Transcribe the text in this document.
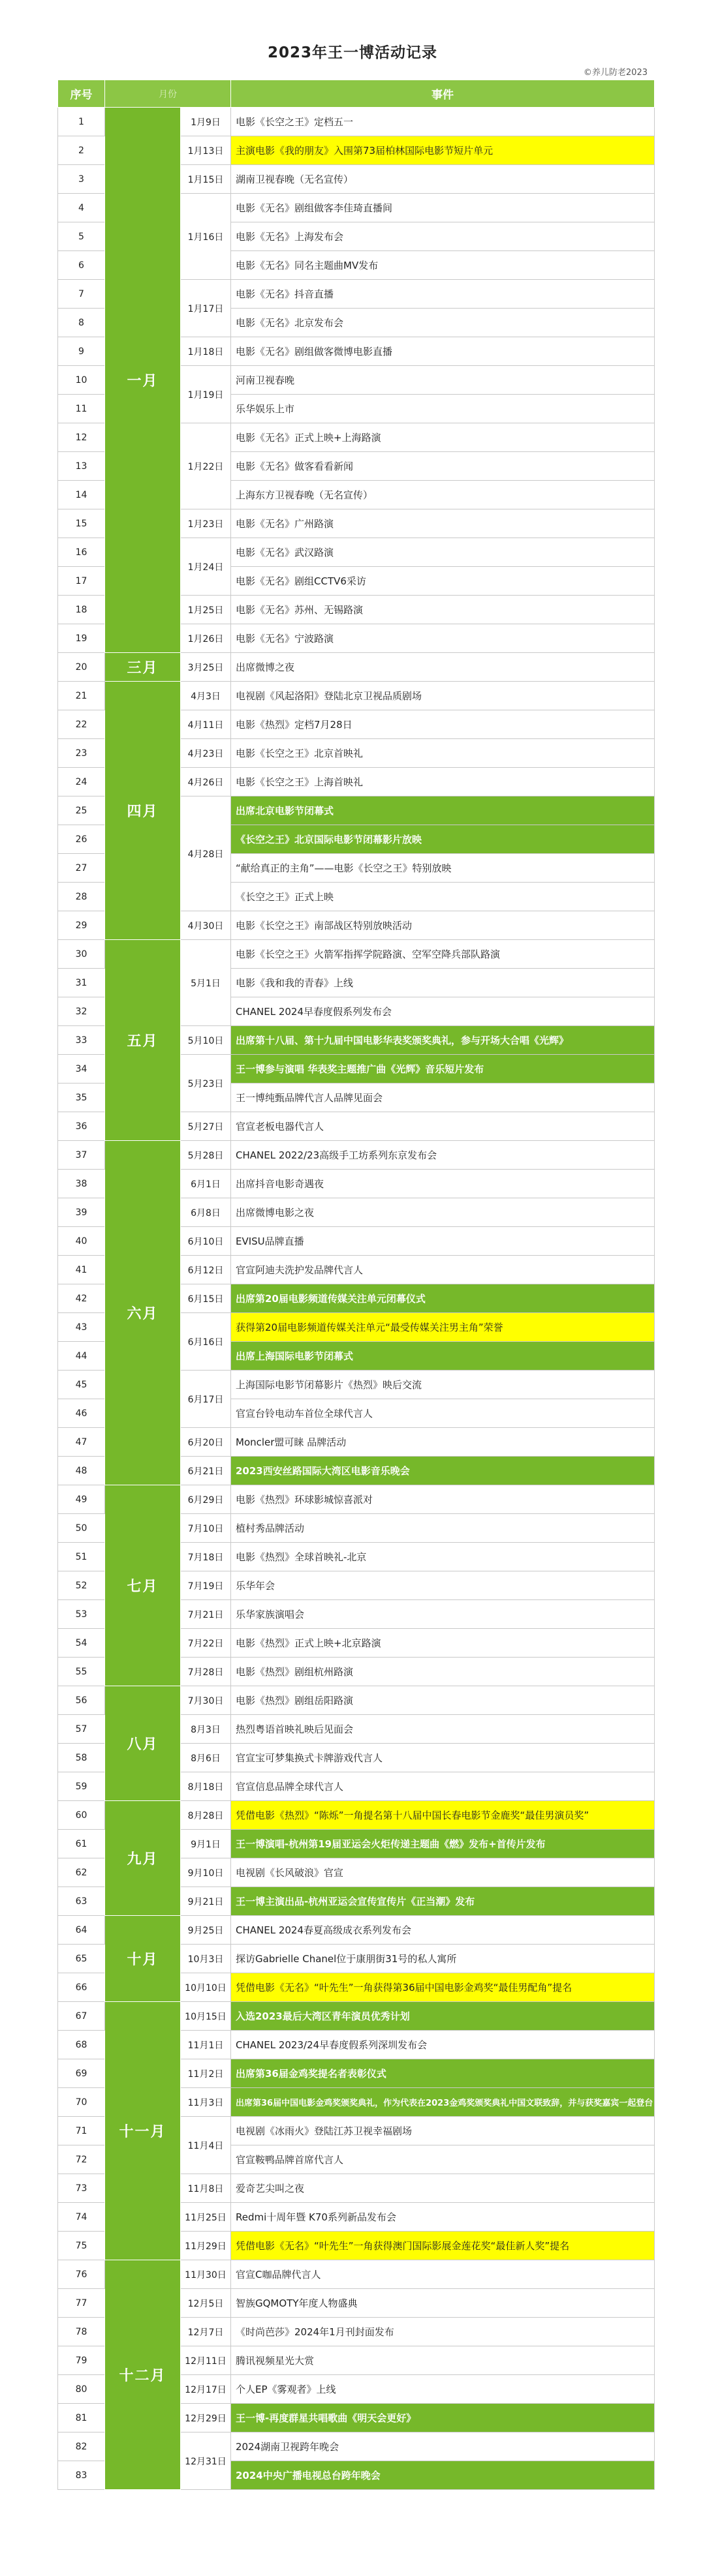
2023年王一博活动记录
©养儿防老2023
序号	月份		事件
1	一月	1月9日	电影《长空之王》定档五一
2		1月13日	主演电影《我的朋友》入围第73届柏林国际电影节短片单元
3		1月15日	湖南卫视春晚（无名宣传）
4		1月16日	电影《无名》剧组做客李佳琦直播间
5			电影《无名》上海发布会
6			电影《无名》同名主题曲MV发布
7		1月17日	电影《无名》抖音直播
8			电影《无名》北京发布会
9		1月18日	电影《无名》剧组做客微博电影直播
10		1月19日	河南卫视春晚
11			乐华娱乐上市
12		1月22日	电影《无名》正式上映+上海路演
13			电影《无名》做客看看新闻
14			上海东方卫视春晚（无名宣传）
15		1月23日	电影《无名》广州路演
16		1月24日	电影《无名》武汉路演
17			电影《无名》剧组CCTV6采访
18		1月25日	电影《无名》苏州、无锡路演
19		1月26日	电影《无名》宁波路演
20	三月	3月25日	出席微博之夜
21	四月	4月3日	电视剧《风起洛阳》登陆北京卫视品质剧场
22		4月11日	电影《热烈》定档7月28日
23		4月23日	电影《长空之王》北京首映礼
24		4月26日	电影《长空之王》上海首映礼
25		4月28日	出席北京电影节闭幕式
26			《长空之王》北京国际电影节闭幕影片放映
27			“献给真正的主角”——电影《长空之王》特别放映
28			《长空之王》正式上映
29		4月30日	电影《长空之王》南部战区特别放映活动
30	五月	5月1日	电影《长空之王》火箭军指挥学院路演、空军空降兵部队路演
31			电影《我和我的青春》上线
32			CHANEL 2024早春度假系列发布会
33		5月10日	出席第十八届、第十九届中国电影华表奖颁奖典礼，参与开场大合唱《光辉》
34		5月23日	王一博参与演唱 华表奖主题推广曲《光辉》音乐短片发布
35			王一博纯甄品牌代言人品牌见面会
36		5月27日	官宣老板电器代言人
37	六月	5月28日	CHANEL 2022/23高级手工坊系列东京发布会
38		6月1日	出席抖音电影奇遇夜
39		6月8日	出席微博电影之夜
40		6月10日	EVISU品牌直播
41		6月12日	官宣阿迪夫洗护发品牌代言人
42		6月15日	出席第20届电影频道传媒关注单元闭幕仪式
43		6月16日	获得第20届电影频道传媒关注单元“最受传媒关注男主角”荣誉
44			出席上海国际电影节闭幕式
45		6月17日	上海国际电影节闭幕影片《热烈》映后交流
46			官宣台铃电动车首位全球代言人
47		6月20日	Moncler盟可睐 品牌活动
48		6月21日	2023西安丝路国际大湾区电影音乐晚会
49	七月	6月29日	电影《热烈》环球影城惊喜派对
50		7月10日	植村秀品牌活动
51		7月18日	电影《热烈》全球首映礼-北京
52		7月19日	乐华年会
53		7月21日	乐华家族演唱会
54		7月22日	电影《热烈》正式上映+北京路演
55		7月28日	电影《热烈》剧组杭州路演
56	八月	7月30日	电影《热烈》剧组岳阳路演
57		8月3日	热烈粤语首映礼映后见面会
58		8月6日	官宣宝可梦集换式卡牌游戏代言人
59		8月18日	官宣信息品牌全球代言人
60	九月	8月28日	凭借电影《热烈》“陈烁”一角提名第十八届中国长春电影节金鹿奖“最佳男演员奖”
61		9月1日	王一博演唱-杭州第19届亚运会火炬传递主题曲《燃》发布+首传片发布
62		9月10日	电视剧《长风破浪》官宣
63		9月21日	王一博主演出品-杭州亚运会宣传宣传片《正当潮》发布
64	十月	9月25日	CHANEL 2024春夏高级成衣系列发布会
65		10月3日	探访Gabrielle Chanel位于康朋街31号的私人寓所
66		10月10日	凭借电影《无名》“叶先生”一角获得第36届中国电影金鸡奖“最佳男配角”提名
67	十一月	10月15日	入选2023最后大湾区青年演员优秀计划
68		11月1日	CHANEL 2023/24早春度假系列深圳发布会
69		11月2日	出席第36届金鸡奖提名者表彰仪式
70		11月3日	出席第36届中国电影金鸡奖颁奖典礼，作为代表在2023金鸡奖颁奖典礼中国文联致辞，并与获奖嘉宾一起登台
71		11月4日	电视剧《冰雨火》登陆江苏卫视幸福剧场
72			官宣鞍鸭品牌首席代言人
73		11月8日	爱奇艺尖叫之夜
74		11月25日	Redmi十周年暨 K70系列新品发布会
75		11月29日	凭借电影《无名》“叶先生”一角获得澳门国际影展金莲花奖“最佳新人奖”提名
76	十二月	11月30日	官宣C咖品牌代言人
77		12月5日	智族GQMOTY年度人物盛典
78		12月7日	《时尚芭莎》2024年1月刊封面发布
79		12月11日	腾讯视频星光大赏
80		12月17日	个人EP《雾观者》上线
81		12月29日	王一博-再度群星共唱歌曲《明天会更好》
82		12月31日	2024湖南卫视跨年晚会
83			2024中央广播电视总台跨年晚会
